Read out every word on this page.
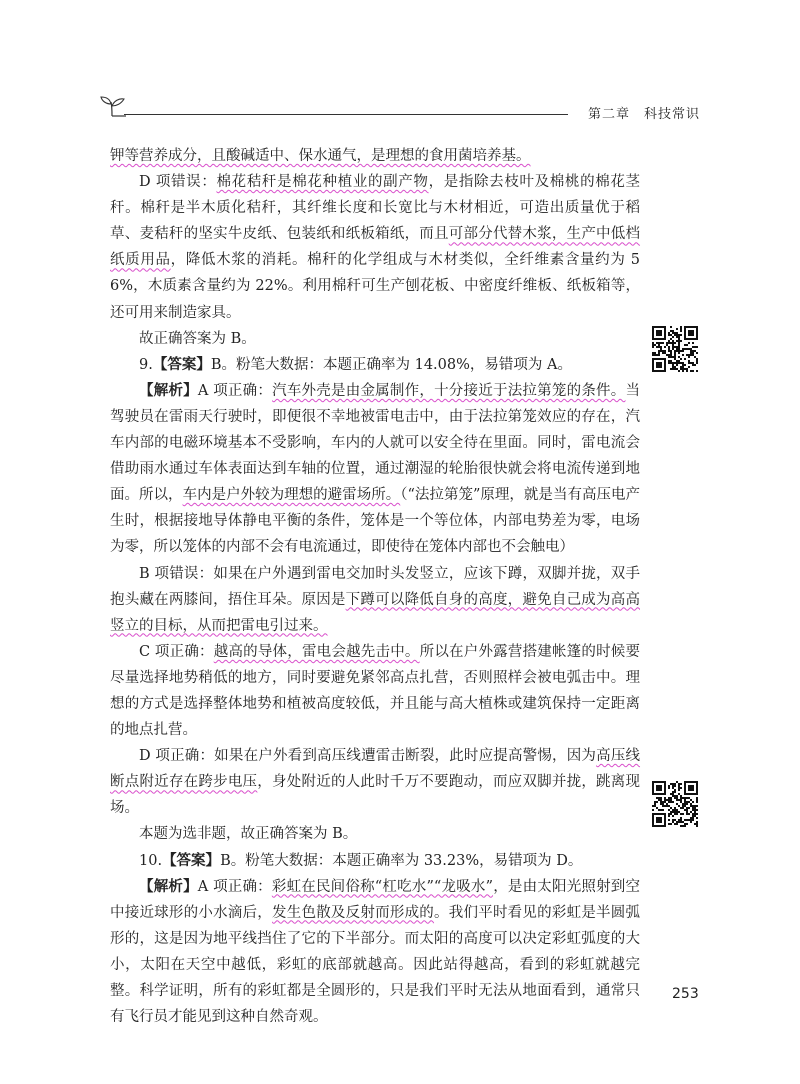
第二章 科技常识

钾等营养成分，且酸碱适中、保水通气，是理想的食用菌培养基。

D 项错误：棉花秸秆是棉花种植业的副产物，是指除去枝叶及棉桃的棉花茎秆。棉秆是半木质化秸秆，其纤维长度和长宽比与木材相近，可造出质量优于稻草、麦秸秆的坚实牛皮纸、包装纸和纸板箱纸，而且可部分代替木浆，生产中低档纸质用品，降低木浆的消耗。棉秆的化学组成与木材类似，全纤维素含量约为 56%，木质素含量约为 22%。利用棉秆可生产刨花板、中密度纤维板、纸板箱等，还可用来制造家具。

故正确答案为 B。

9.【答案】B。粉笔大数据：本题正确率为 14.08%，易错项为 A。

【解析】A 项正确：汽车外壳是由金属制作，十分接近于法拉第笼的条件。当驾驶员在雷雨天行驶时，即便很不幸地被雷电击中，由于法拉第笼效应的存在，汽车内部的电磁环境基本不受影响，车内的人就可以安全待在里面。同时，雷电流会借助雨水通过车体表面达到车轴的位置，通过潮湿的轮胎很快就会将电流传递到地面。所以，车内是户外较为理想的避雷场所。（“法拉第笼”原理，就是当有高压电产生时，根据接地导体静电平衡的条件，笼体是一个等位体，内部电势差为零，电场为零，所以笼体的内部不会有电流通过，即使待在笼体内部也不会触电）

B 项错误：如果在户外遇到雷电交加时头发竖立，应该下蹲，双脚并拢，双手抱头藏在两膝间，捂住耳朵。原因是下蹲可以降低自身的高度，避免自己成为高高竖立的目标，从而把雷电引过来。

C 项正确：越高的导体，雷电会越先击中。所以在户外露营搭建帐篷的时候要尽量选择地势稍低的地方，同时要避免紧邻高点扎营，否则照样会被电弧击中。理想的方式是选择整体地势和植被高度较低，并且能与高大植株或建筑保持一定距离的地点扎营。

D 项正确：如果在户外看到高压线遭雷击断裂，此时应提高警惕，因为高压线断点附近存在跨步电压，身处附近的人此时千万不要跑动，而应双脚并拢，跳离现场。

本题为选非题，故正确答案为 B。

10.【答案】B。粉笔大数据：本题正确率为 33.23%，易错项为 D。

【解析】A 项正确：彩虹在民间俗称“杠吃水”“龙吸水”，是由太阳光照射到空中接近球形的小水滴后，发生色散及反射而形成的。我们平时看见的彩虹是半圆弧形的，这是因为地平线挡住了它的下半部分。而太阳的高度可以决定彩虹弧度的大小，太阳在天空中越低，彩虹的底部就越高。因此站得越高，看到的彩虹就越完整。科学证明，所有的彩虹都是全圆形的，只是我们平时无法从地面看到，通常只有飞行员才能见到这种自然奇观。

253
